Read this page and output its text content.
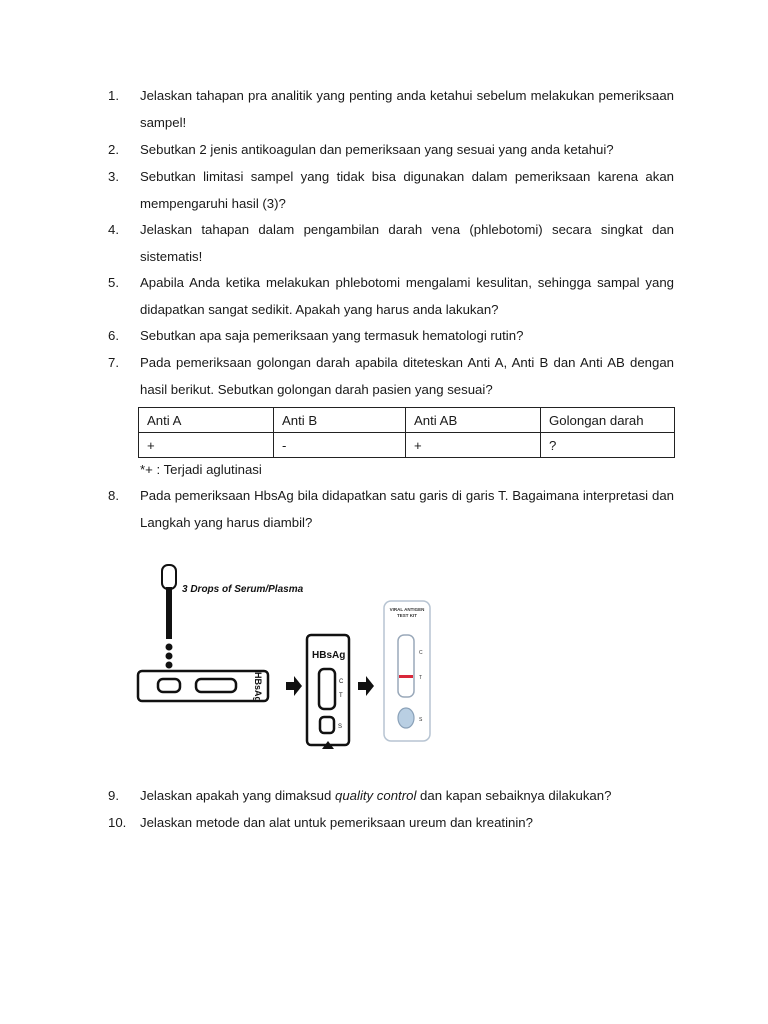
1.	Jelaskan tahapan pra analitik yang penting anda ketahui sebelum melakukan pemeriksaan sampel!
2.	Sebutkan 2 jenis antikoagulan dan pemeriksaan yang sesuai yang anda ketahui?
3.	Sebutkan limitasi sampel yang tidak bisa digunakan dalam pemeriksaan karena akan mempengaruhi hasil (3)?
4.	Jelaskan tahapan dalam pengambilan darah vena (phlebotomi) secara singkat dan sistematis!
5.	Apabila Anda ketika melakukan phlebotomi mengalami kesulitan, sehingga sampal yang didapatkan sangat sedikit. Apakah yang harus anda lakukan?
6.	Sebutkan apa saja pemeriksaan yang termasuk hematologi rutin?
7.	Pada pemeriksaan golongan darah apabila diteteskan Anti A, Anti B dan Anti AB dengan hasil berikut. Sebutkan golongan darah pasien yang sesuai?
Anti A	Anti B	Anti AB	Golongan darah
+	-	+	?
*+ : Terjadi aglutinasi
8.	Pada pemeriksaan HbsAg bila didapatkan satu garis di garis T. Bagaimana interpretasi dan Langkah yang harus diambil?
3 Drops of Serum/Plasma
HBsAg
HBsAg
C
T
S
VIRAL ANTIGEN
TEST KIT
C
T
S
9.	Jelaskan apakah yang dimaksud quality control dan kapan sebaiknya dilakukan?
10.	Jelaskan metode dan alat untuk pemeriksaan ureum dan kreatinin?
